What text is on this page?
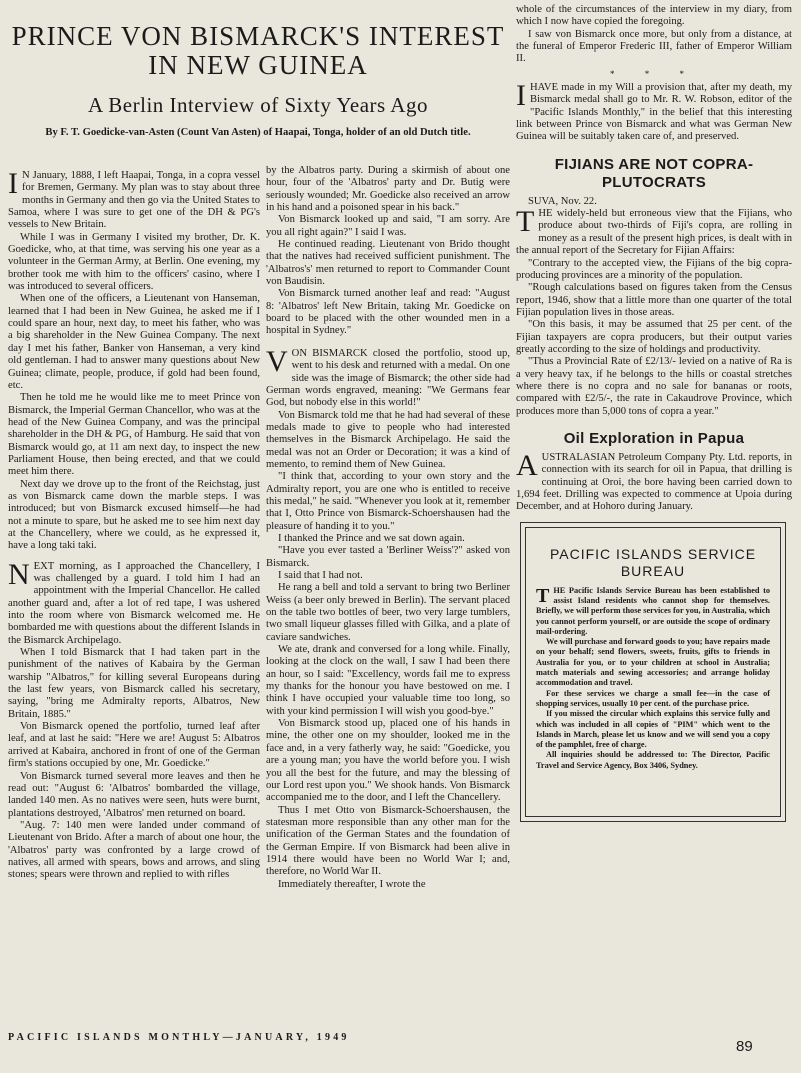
PRINCE VON BISMARCK'S INTEREST IN NEW GUINEA
A Berlin Interview of Sixty Years Ago

By F. T. Goedicke-van-Asten (Count Van Asten) of Haapai, Tonga, holder of an old Dutch title.

I N January, 1888, I left Haapai, Tonga, in a copra vessel for Bremen, Germany. My plan was to stay about three months in Germany and then go via the United States to Samoa, where I was sure to get one of the DH & PG's vessels to New Britain.

While I was in Germany I visited my brother, Dr. K. Goedicke, who, at that time, was serving his one year as a volunteer in the German Army, at Berlin. One evening, my brother took me with him to the officers' casino, where I was introduced to several officers.

When one of the officers, a Lieutenant von Hanseman, learned that I had been in New Guinea, he asked me if I could spare an hour, next day, to meet his father, who was a big shareholder in the New Guinea Company. The next day I met his father, Banker von Hanseman, a very kind old gentleman. I had to answer many questions about New Guinea; climate, people, produce, if gold had been found, etc.

Then he told me he would like me to meet Prince von Bismarck, the Imperial German Chancellor, who was at the head of the New Guinea Company, and was the principal shareholder in the DH & PG, of Hamburg. He said that von Bismarck would go, at 11 am next day, to inspect the new Parliament House, then being erected, and that we could meet him there.

Next day we drove up to the front of the Reichstag, just as von Bismarck came down the marble steps. I was introduced; but von Bismarck excused himself—he had not a minute to spare, but he asked me to see him next day at the Chancellery, where we could, as he expressed it, have a long taki taki.

NEXT morning, as I approached the Chancellery, I was challenged by a guard. I told him I had an appointment with the Imperial Chancellor. He called another guard and, after a lot of red tape, I was ushered into the room where von Bismarck welcomed me. He bombarded me with questions about the different Islands in the Bismarck Archipelago.

When I told Bismarck that I had taken part in the punishment of the natives of Kabaira by the German warship "Albatros," for killing several Europeans during the last few years, von Bismarck called his secretary, saying, "bring me Admiralty reports, Albatros, New Britain, 1885."

Von Bismarck opened the portfolio, turned leaf after leaf, and at last he said: "Here we are! August 5: Albatros arrived at Kabaira, anchored in front of one of the German firm's stations occupied by one, Mr. Goedicke."

Von Bismarck turned several more leaves and then he read out: "August 6: 'Albatros' bombarded the village, landed 140 men. As no natives were seen, huts were burnt, plantations destroyed, 'Albatros' men returned on board.

"Aug. 7: 140 men were landed under command of Lieutenant von Brido. After a march of about one hour, the 'Albatros' party was confronted by a large crowd of natives, all armed with spears, bows and arrows, and sling stones; spears were thrown and replied to with rifles

by the Albatros party. During a skirmish of about one hour, four of the 'Albatros' party and Dr. Butig were seriously wounded; Mr. Goedicke also received an arrow in his hand and a poisoned spear in his back."

Von Bismarck looked up and said, "I am sorry. Are you all right again?" I said I was.

He continued reading. Lieutenant von Brido thought that the natives had received sufficient punishment. The 'Albatros's' men returned to report to Commander Count von Baudisin.

Von Bismarck turned another leaf and read: "August 8: 'Albatros' left New Britain, taking Mr. Goedicke on board to be placed with the other wounded men in a hospital in Sydney."

VON BISMARCK closed the portfolio, stood up, went to his desk and returned with a medal. On one side was the image of Bismarck; the other side had German words engraved, meaning: "We Germans fear God, but nobody else in this world!"

Von Bismarck told me that he had had several of these medals made to give to people who had interested themselves in the Bismarck Archipelago. He said the medal was not an Order or Decoration; it was a kind of memento, to remind them of New Guinea.

"I think that, according to your own story and the Admiralty report, you are one who is entitled to receive this medal," he said. "Whenever you look at it, remember that I, Otto Prince von Bismarck-Schoershausen had the pleasure of handing it to you."

I thanked the Prince and we sat down again.

"Have you ever tasted a 'Berliner Weiss'?" asked von Bismarck.

I said that I had not.

He rang a bell and told a servant to bring two Berliner Weiss (a beer only brewed in Berlin). The servant placed on the table two bottles of beer, two very large tumblers, two small liqueur glasses filled with Gilka, and a plate of caviare sandwiches.

We ate, drank and conversed for a long while. Finally, looking at the clock on the wall, I saw I had been there an hour, so I said: "Excellency, words fail me to express my thanks for the honour you have bestowed on me. I think I have occupied your valuable time too long, so with your kind permission I will wish you good-bye."

Von Bismarck stood up, placed one of his hands in mine, the other one on my shoulder, looked me in the face and, in a very fatherly way, he said: "Goedicke, you are a young man; you have the world before you. I wish you all the best for the future, and may the blessing of our Lord rest upon you." We shook hands. Von Bismarck accompanied me to the door, and I left the Chancellery.

Thus I met Otto von Bismarck-Schoershausen, the statesman more responsible than any other man for the unification of the German States and the foundation of the German Empire. If von Bismarck had been alive in 1914 there would have been no World War I; and, therefore, no World War II.

Immediately thereafter, I wrote the

whole of the circumstances of the interview in my diary, from which I now have copied the foregoing.

I saw von Bismarck once more, but only from a distance, at the funeral of Emperor Frederic III, father of Emperor William II.

* * *

IHAVE made in my Will a provision that, after my death, my Bismarck medal shall go to Mr. R. W. Robson, editor of the "Pacific Islands Monthly," in the belief that this interesting link between Prince von Bismarck and what was German New Guinea will be suitably taken care of, and preserved.

FIJIANS ARE NOT COPRA-
PLUTOCRATS

SUVA, Nov. 22.

THE widely-held but erroneous view that the Fijians, who produce about two-thirds of Fiji's copra, are rolling in money as a result of the present high prices, is dealt with in the annual report of the Secretary for Fijian Affairs:

"Contrary to the accepted view, the Fijians of the big copra-producing provinces are a minority of the population.

"Rough calculations based on figures taken from the Census report, 1946, show that a little more than one quarter of the total Fijian population lives in those areas.

"On this basis, it may be assumed that 25 per cent. of the Fijian taxpayers are copra producers, but their output varies greatly according to the size of holdings and productivity.

"Thus a Provincial Rate of £2/13/- levied on a native of Ra is a very heavy tax, if he belongs to the hills or coastal stretches where there is no copra and no sale for bananas or roots, compared with £2/5/-, the rate in Cakaudrove Province, which produces more than 5,000 tons of copra a year."

Oil Exploration in Papua

AUSTRALASIAN Petroleum Company Pty. Ltd. reports, in connection with its search for oil in Papua, that drilling is continuing at Oroi, the bore having been carried down to 1,694 feet. Drilling was expected to commence at Upoia during December, and at Hohoro during January.

PACIFIC ISLANDS SERVICE
BUREAU

THE Pacific Islands Service Bureau has been established to assist Island residents who cannot shop for themselves. Briefly, we will perform those services for you, in Australia, which you cannot perform yourself, or are outside the scope of ordinary mail-ordering.

We will purchase and forward goods to you; have repairs made on your behalf; send flowers, sweets, fruits, gifts to friends in Australia for you, or to your children at school in Australia; match materials and sewing accessories; and arrange holiday accommodation and travel.

For these services we charge a small fee—in the case of shopping services, usually 10 per cent. of the purchase price.

If you missed the circular which explains this service fully and which was included in all copies of "PIM" which went to the Islands in March, please let us know and we will send you a copy of the pamphlet, free of charge.

All inquiries should be addressed to: The Director, Pacific Travel and Service Agency, Box 3406, Sydney.

PACIFIC ISLANDS MONTHLY—JANUARY, 1949
89
